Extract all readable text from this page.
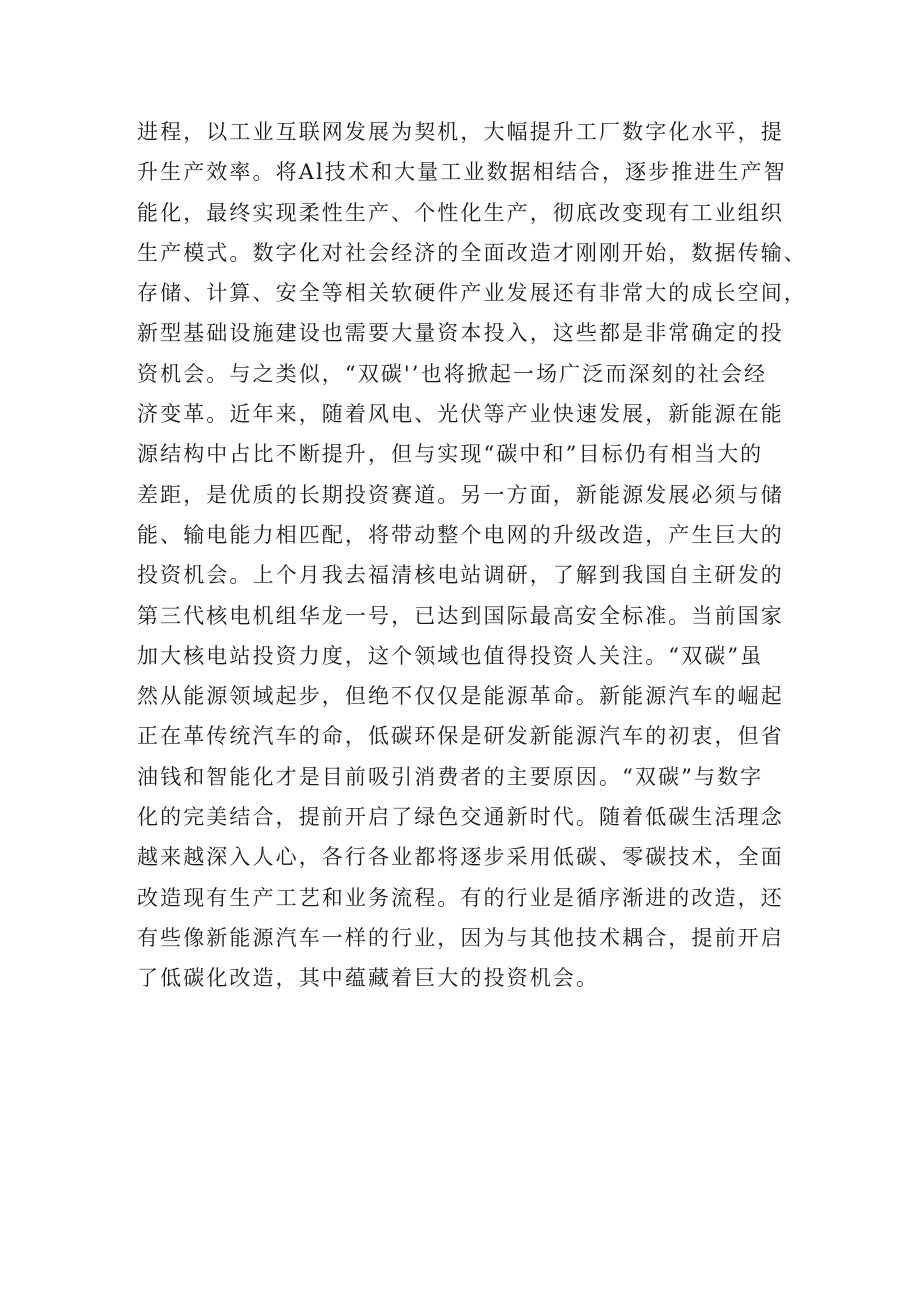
进程，以工业互联网发展为契机，大幅提升工厂数字化水平，提
升生产效率。将Al技术和大量工业数据相结合，逐步推进生产智
能化，最终实现柔性生产、个性化生产，彻底改变现有工业组织
生产模式。数字化对社会经济的全面改造才刚刚开始，数据传输、
存储、计算、安全等相关软硬件产业发展还有非常大的成长空间，
新型基础设施建设也需要大量资本投入，这些都是非常确定的投
资机会。与之类似，“双碳'’也将掀起一场广泛而深刻的社会经
济变革。近年来，随着风电、光伏等产业快速发展，新能源在能
源结构中占比不断提升，但与实现“碳中和”目标仍有相当大的
差距，是优质的长期投资赛道。另一方面，新能源发展必须与储
能、输电能力相匹配，将带动整个电网的升级改造，产生巨大的
投资机会。上个月我去福清核电站调研，了解到我国自主研发的
第三代核电机组华龙一号，已达到国际最高安全标准。当前国家
加大核电站投资力度，这个领域也值得投资人关注。“双碳”虽
然从能源领域起步，但绝不仅仅是能源革命。新能源汽车的崛起
正在革传统汽车的命，低碳环保是研发新能源汽车的初衷，但省
油钱和智能化才是目前吸引消费者的主要原因。“双碳”与数字
化的完美结合，提前开启了绿色交通新时代。随着低碳生活理念
越来越深入人心，各行各业都将逐步采用低碳、零碳技术，全面
改造现有生产工艺和业务流程。有的行业是循序渐进的改造，还
有些像新能源汽车一样的行业，因为与其他技术耦合，提前开启
了低碳化改造，其中蕴藏着巨大的投资机会。
